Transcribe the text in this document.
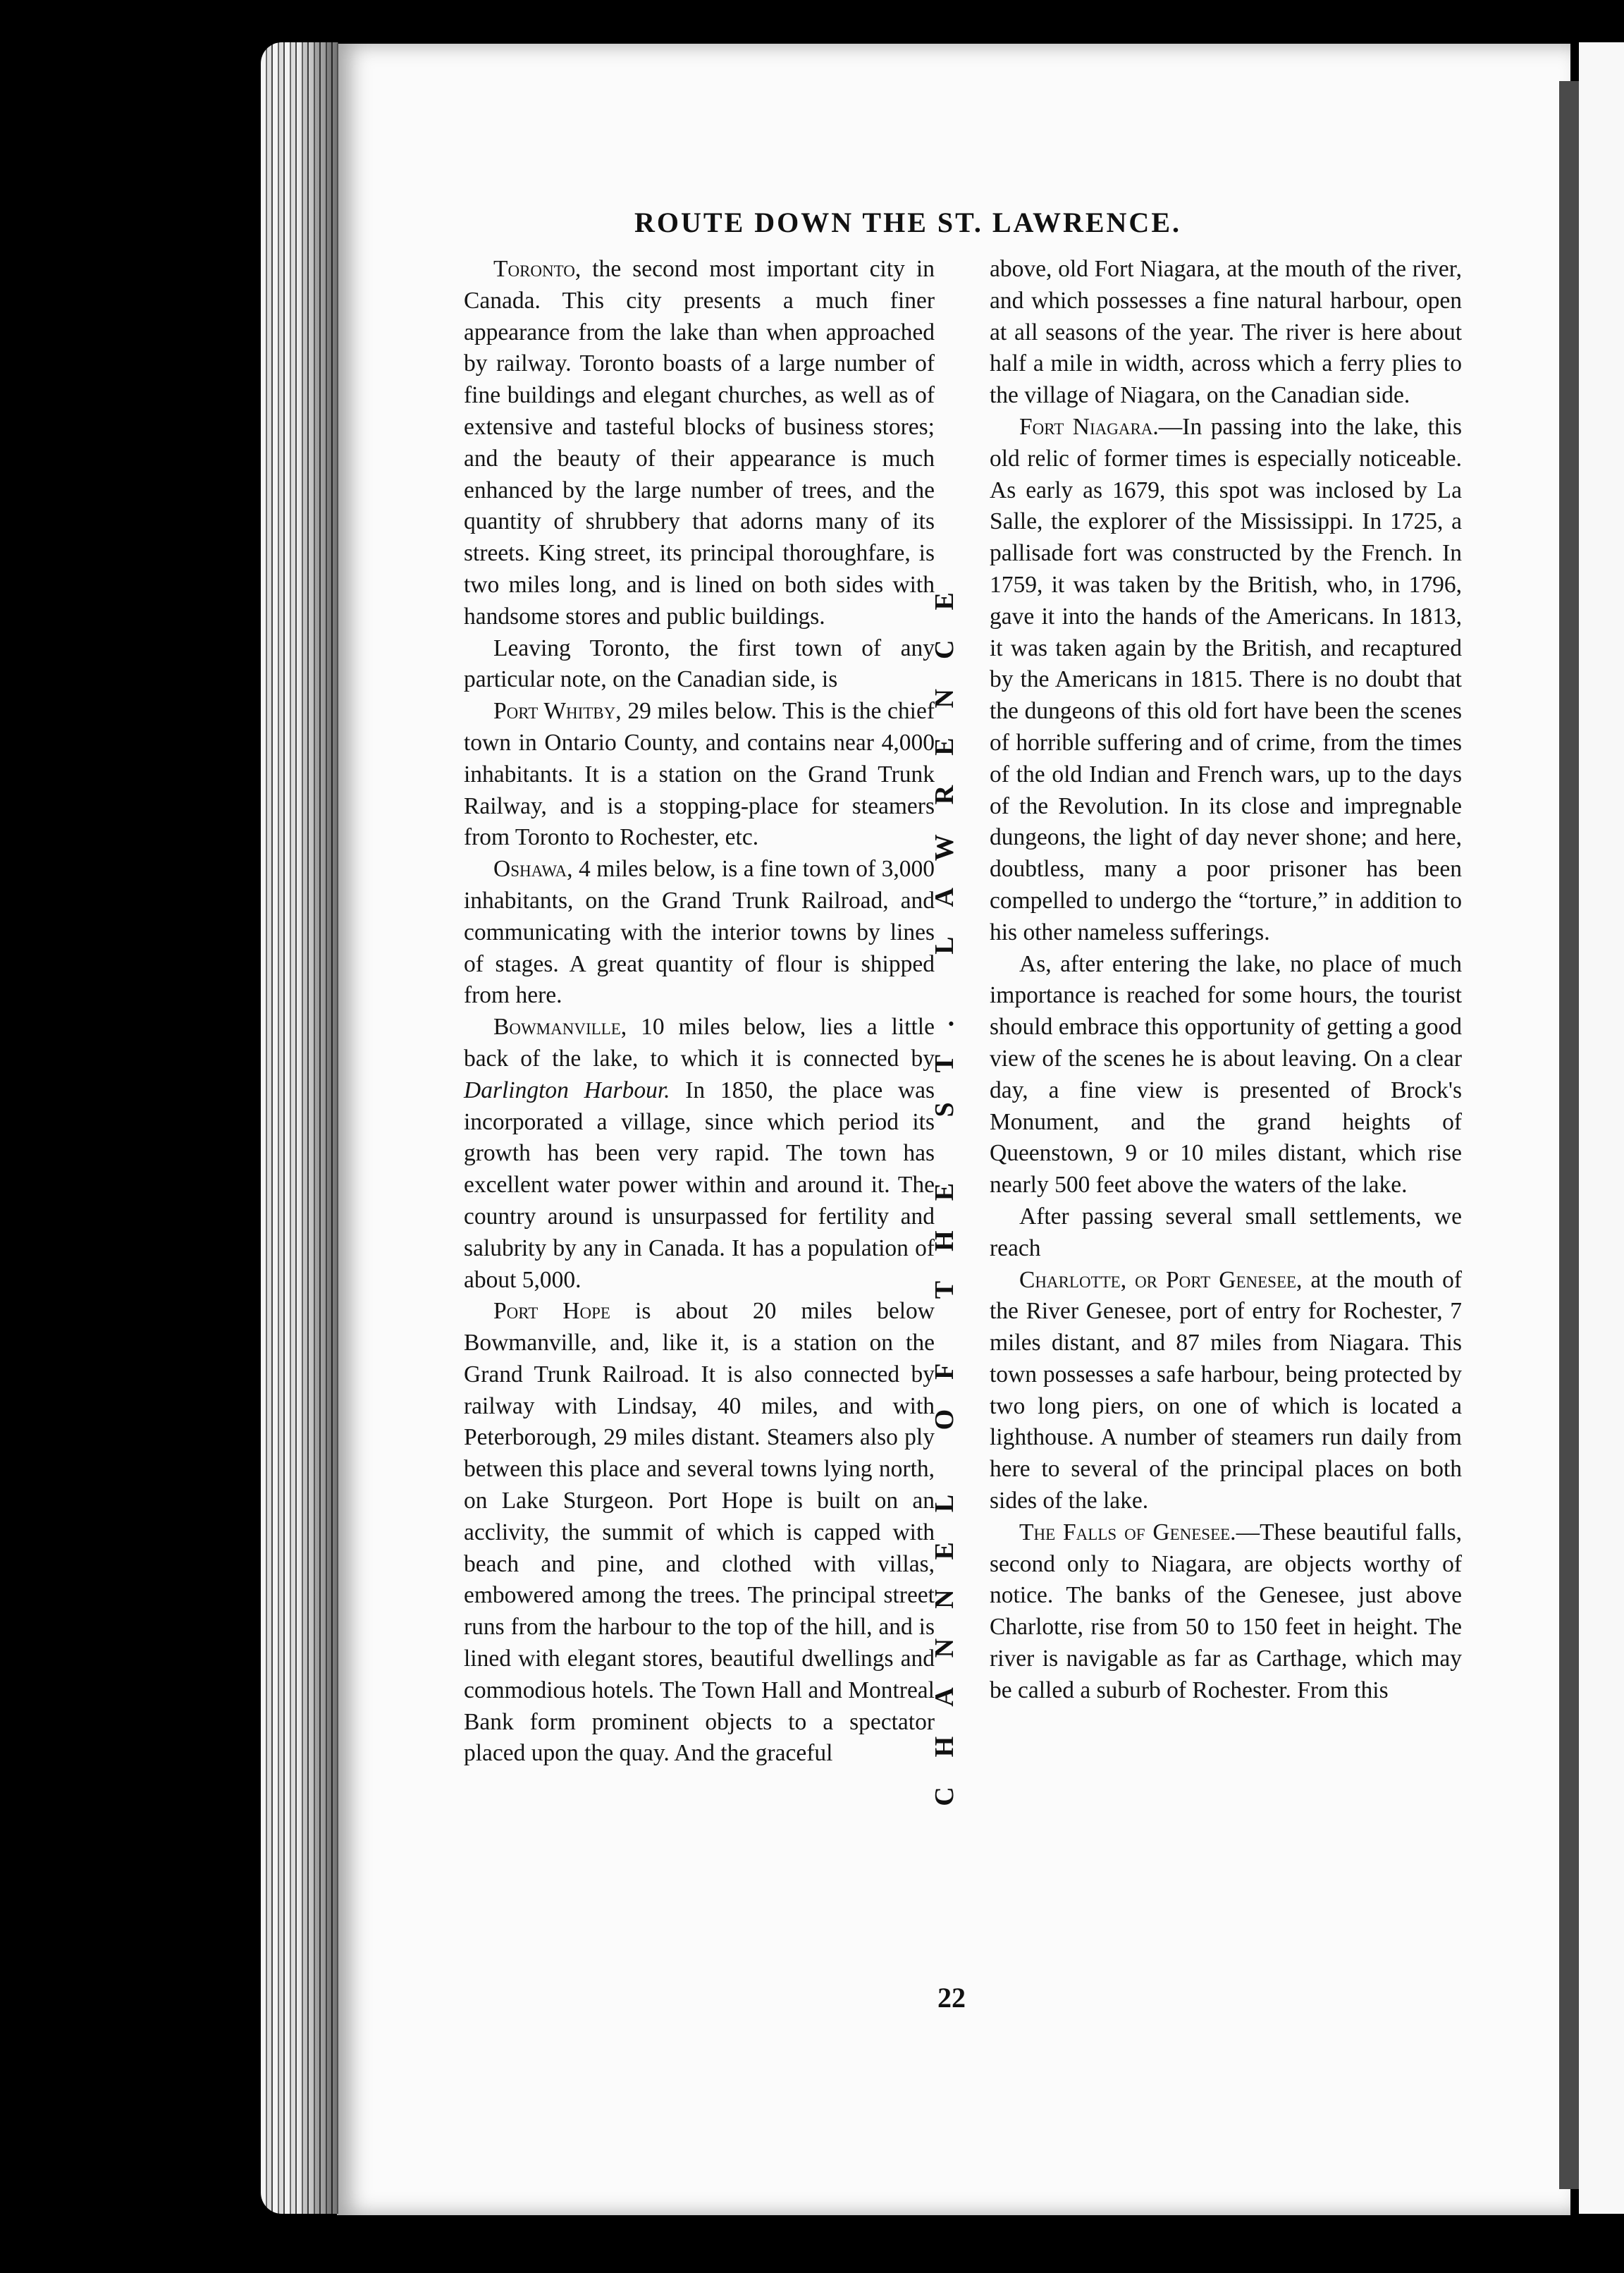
ROUTE DOWN THE ST. LAWRENCE.

Toronto, the second most important city in Canada. This city presents a much finer appearance from the lake than when approached by railway. Toronto boasts of a large number of fine buildings and elegant churches, as well as of extensive and tasteful blocks of business stores; and the beauty of their appearance is much enhanced by the large number of trees, and the quantity of shrubbery that adorns many of its streets. King street, its principal thoroughfare, is two miles long, and is lined on both sides with handsome stores and public buildings.

Leaving Toronto, the first town of any particular note, on the Canadian side, is

Port Whitby, 29 miles below. This is the chief town in Ontario County, and contains near 4,000 inhabitants. It is a station on the Grand Trunk Railway, and is a stopping-place for steamers from Toronto to Rochester, etc.

Oshawa, 4 miles below, is a fine town of 3,000 inhabitants, on the Grand Trunk Railroad, and communicating with the interior towns by lines of stages. A great quantity of flour is shipped from here.

Bowmanville, 10 miles below, lies a little back of the lake, to which it is connected by Darlington Harbour. In 1850, the place was incorporated a village, since which period its growth has been very rapid. The town has excellent water power within and around it. The country around is unsurpassed for fertility and salubrity by any in Canada. It has a population of about 5,000.

Port Hope is about 20 miles below Bowmanville, and, like it, is a station on the Grand Trunk Railroad. It is also connected by railway with Lindsay, 40 miles, and with Peterborough, 29 miles distant. Steamers also ply between this place and several towns lying north, on Lake Sturgeon. Port Hope is built on an acclivity, the summit of which is capped with beach and pine, and clothed with villas, embowered among the trees. The principal street runs from the harbour to the top of the hill, and is lined with elegant stores, beautiful dwellings and commodious hotels. The Town Hall and Montreal Bank form prominent objects to a spectator placed upon the quay. And the graceful	CHANNEL OF THE ST. LAWRENCE

above, old Fort Niagara, at the mouth of the river, and which possesses a fine natural harbour, open at all seasons of the year. The river is here about half a mile in width, across which a ferry plies to the village of Niagara, on the Canadian side.

Fort Niagara.—In passing into the lake, this old relic of former times is especially noticeable. As early as 1679, this spot was inclosed by La Salle, the explorer of the Mississippi. In 1725, a pallisade fort was constructed by the French. In 1759, it was taken by the British, who, in 1796, gave it into the hands of the Americans. In 1813, it was taken again by the British, and recaptured by the Americans in 1815. There is no doubt that the dungeons of this old fort have been the scenes of horrible suffering and of crime, from the times of the old Indian and French wars, up to the days of the Revolution. In its close and impregnable dungeons, the light of day never shone; and here, doubtless, many a poor prisoner has been compelled to undergo the “torture,” in addition to his other nameless sufferings.

As, after entering the lake, no place of much importance is reached for some hours, the tourist should embrace this opportunity of getting a good view of the scenes he is about leaving. On a clear day, a fine view is presented of Brock's Monument, and the grand heights of Queenstown, 9 or 10 miles distant, which rise nearly 500 feet above the waters of the lake.

After passing several small settlements, we reach

Charlotte, or Port Genesee, at the mouth of the River Genesee, port of entry for Rochester, 7 miles distant, and 87 miles from Niagara. This town possesses a safe harbour, being protected by two long piers, on one of which is located a lighthouse. A number of steamers run daily from here to several of the principal places on both sides of the lake.

The Falls of Genesee.—These beautiful falls, second only to Niagara, are objects worthy of notice. The banks of the Genesee, just above Charlotte, rise from 50 to 150 feet in height. The river is navigable as far as Carthage, which may be called a suburb of Rochester. From this

22
